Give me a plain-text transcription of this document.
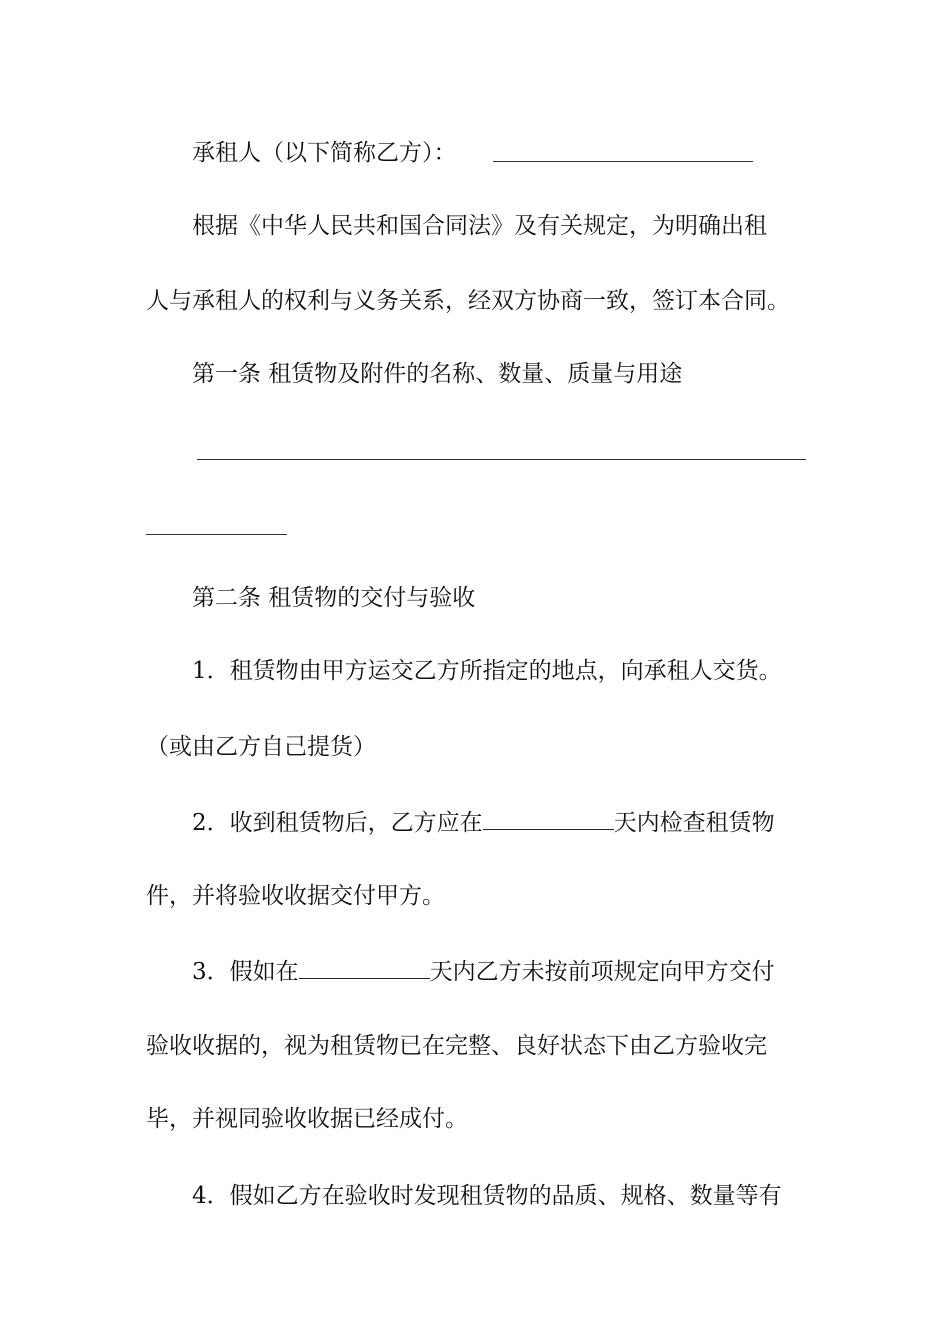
承租人（以下简称乙方）：
根据《中华人民共和国合同法》及有关规定，为明确出租
人与承租人的权利与义务关系，经双方协商一致，签订本合同。
第一条 租赁物及附件的名称、数量、质量与用途
第二条 租赁物的交付与验收
1．租赁物由甲方运交乙方所指定的地点，向承租人交货。
（或由乙方自己提货）
2．收到租赁物后，乙方应在	天内检查租赁物
件，并将验收收据交付甲方。
3．假如在	天内乙方未按前项规定向甲方交付
验收收据的，视为租赁物已在完整、良好状态下由乙方验收完
毕，并视同验收收据已经成付。
4．假如乙方在验收时发现租赁物的品质、规格、数量等有
